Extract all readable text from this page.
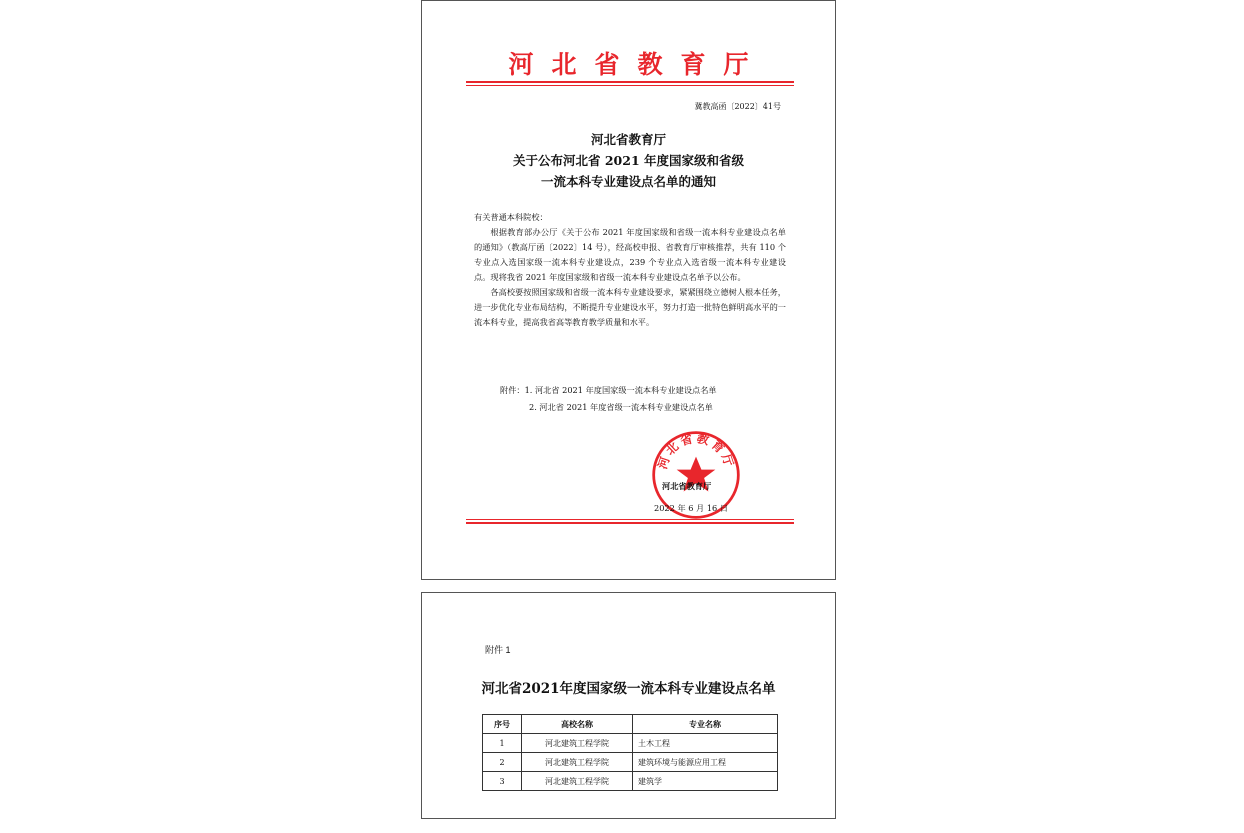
河北省教育厅
冀教高函〔2022〕41号
河北省教育厅
关于公布河北省 2021 年度国家级和省级
一流本科专业建设点名单的通知

有关普通本科院校：

根据教育部办公厅《关于公布 2021 年度国家级和省级一流本科专业建设点名单的通知》（教高厅函〔2022〕14 号），经高校申报、省教育厅审核推荐，共有 110 个专业点入选国家级一流本科专业建设点，239 个专业点入选省级一流本科专业建设点。现将我省 2021 年度国家级和省级一流本科专业建设点名单予以公布。

各高校要按照国家级和省级一流本科专业建设要求，紧紧围绕立德树人根本任务，进一步优化专业布局结构，不断提升专业建设水平，努力打造一批特色鲜明高水平的一流本科专业，提高我省高等教育教学质量和水平。

附件：1. 河北省 2021 年度国家级一流本科专业建设点名单
2. 河北省 2021 年度省级一流本科专业建设点名单
河北省教育厅
河北省教育厅
2022 年 6 月 16 日
附件 1
河北省2021年度国家级一流本科专业建设点名单
序号	高校名称	专业名称
1	河北建筑工程学院	土木工程
2	河北建筑工程学院	建筑环境与能源应用工程
3	河北建筑工程学院	建筑学
